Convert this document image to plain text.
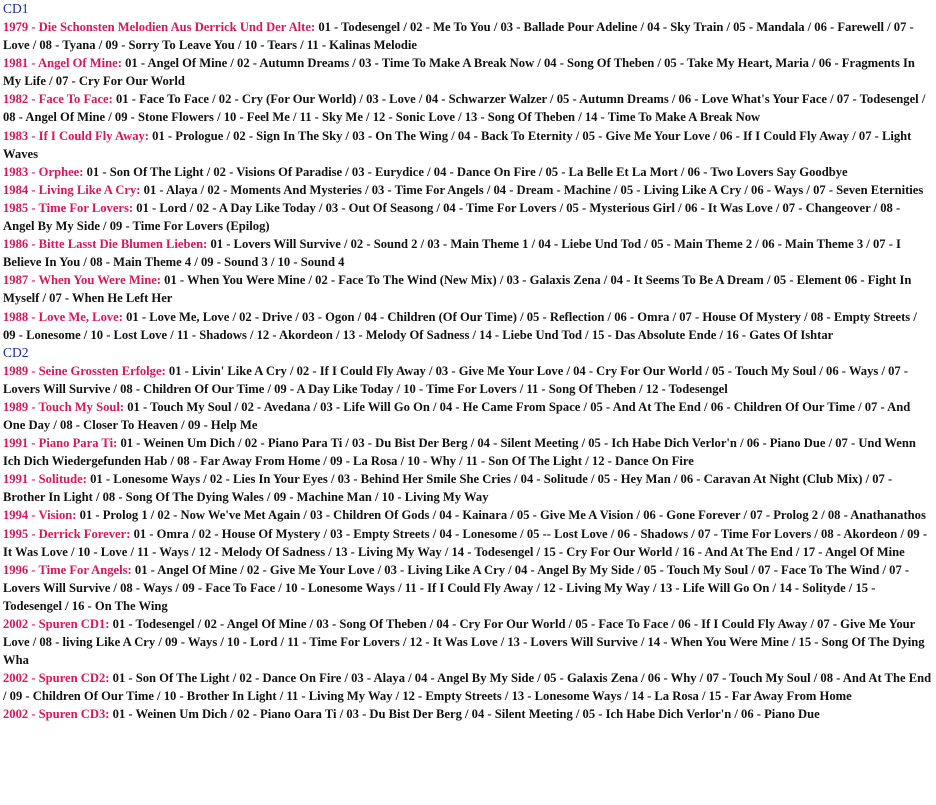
CD1
1979 - Die Schonsten Melodien Aus Derrick Und Der Alte: 01 - Todesengel / 02 - Me To You / 03 - Ballade Pour Adeline / 04 - Sky Train / 05 - Mandala / 06 - Farewell / 07 - Love / 08 - Tyana / 09 - Sorry To Leave You / 10 - Tears / 11 - Kalinas Melodie
1981 - Angel Of Mine: 01 - Angel Of Mine / 02 - Autumn Dreams / 03 - Time To Make A Break Now / 04 - Song Of Theben / 05 - Take My Heart, Maria / 06 - Fragments In My Life / 07 - Cry For Our World
1982 - Face To Face: 01 - Face To Face / 02 - Cry (For Our World) / 03 - Love / 04 - Schwarzer Walzer / 05 - Autumn Dreams / 06 - Love What's Your Face / 07 - Todesengel / 08 - Angel Of Mine / 09 - Stone Flowers / 10 - Feel Me / 11 - Sky Me / 12 - Sonic Love / 13 - Song Of Theben / 14 - Time To Make A Break Now
1983 - If I Could Fly Away: 01 - Prologue / 02 - Sign In The Sky / 03 - On The Wing / 04 - Back To Eternity / 05 - Give Me Your Love / 06 - If I Could Fly Away / 07 - Light Waves
1983 - Orphee: 01 - Son Of The Light / 02 - Visions Of Paradise / 03 - Eurydice / 04 - Dance On Fire / 05 - La Belle Et La Mort / 06 - Two Lovers Say Goodbye
1984 - Living Like A Cry: 01 - Alaya / 02 - Moments And Mysteries / 03 - Time For Angels / 04 - Dream - Machine / 05 - Living Like A Cry / 06 - Ways / 07 - Seven Eternities
1985 - Time For Lovers: 01 - Lord / 02 - A Day Like Today / 03 - Out Of Seasong / 04 - Time For Lovers / 05 - Mysterious Girl / 06 - It Was Love / 07 - Changeover / 08 - Angel By My Side / 09 - Time For Lovers (Epilog)
1986 - Bitte Lasst Die Blumen Lieben: 01 - Lovers Will Survive / 02 - Sound 2 / 03 - Main Theme 1 / 04 - Liebe Und Tod / 05 - Main Theme 2 / 06 - Main Theme 3 / 07 - I Believe In You / 08 - Main Theme 4 / 09 - Sound 3 / 10 - Sound 4
1987 - When You Were Mine: 01 - When You Were Mine / 02 - Face To The Wind (New Mix) / 03 - Galaxis Zena / 04 - It Seems To Be A Dream / 05 - Element 06 - Fight In Myself / 07 - When He Left Her
1988 - Love Me, Love: 01 - Love Me, Love / 02 - Drive / 03 - Ogon / 04 - Children (Of Our Time) / 05 - Reflection / 06 - Omra / 07 - House Of Mystery / 08 - Empty Streets / 09 - Lonesome / 10 - Lost Love / 11 - Shadows / 12 - Akordeon / 13 - Melody Of Sadness / 14 - Liebe Und Tod / 15 - Das Absolute Ende / 16 - Gates Of Ishtar
CD2
1989 - Seine Grossten Erfolge: 01 - Livin' Like A Cry / 02 - If I Could Fly Away / 03 - Give Me Your Love / 04 - Cry For Our World / 05 - Touch My Soul / 06 - Ways / 07 - Lovers Will Survive / 08 - Children Of Our Time / 09 - A Day Like Today / 10 - Time For Lovers / 11 - Song Of Theben / 12 - Todesengel
1989 - Touch My Soul: 01 - Touch My Soul / 02 - Avedana / 03 - Life Will Go On / 04 - He Came From Space / 05 - And At The End / 06 - Children Of Our Time / 07 - And One Day / 08 - Closer To Heaven / 09 - Help Me
1991 - Piano Para Ti: 01 - Weinen Um Dich / 02 - Piano Para Ti / 03 - Du Bist Der Berg / 04 - Silent Meeting / 05 - Ich Habe Dich Verlor'n / 06 - Piano Due / 07 - Und Wenn Ich Dich Wiedergefunden Hab / 08 - Far Away From Home / 09 - La Rosa / 10 - Why / 11 - Son Of The Light / 12 - Dance On Fire
1991 - Solitude: 01 - Lonesome Ways / 02 - Lies In Your Eyes / 03 - Behind Her Smile She Cries / 04 - Solitude / 05 - Hey Man / 06 - Caravan At Night (Club Mix) / 07 - Brother In Light / 08 - Song Of The Dying Wales / 09 - Machine Man / 10 - Living My Way
1994 - Vision: 01 - Prolog 1 / 02 - Now We've Met Again / 03 - Children Of Gods / 04 - Kainara / 05 - Give Me A Vision / 06 - Gone Forever / 07 - Prolog 2 / 08 - Anathanathos
1995 - Derrick Forever: 01 - Omra / 02 - House Of Mystery / 03 - Empty Streets / 04 - Lonesome / 05 -- Lost Love / 06 - Shadows / 07 - Time For Lovers / 08 - Akordeon / 09 - It Was Love / 10 - Love / 11 - Ways / 12 - Melody Of Sadness / 13 - Living My Way / 14 - Todesengel / 15 - Cry For Our World / 16 - And At The End / 17 - Angel Of Mine
1996 - Time For Angels: 01 - Angel Of Mine / 02 - Give Me Your Love / 03 - Living Like A Cry / 04 - Angel By My Side / 05 - Touch My Soul / 07 - Face To The Wind / 07 - Lovers Will Survive / 08 - Ways / 09 - Face To Face / 10 - Lonesome Ways / 11 - If I Could Fly Away / 12 - Living My Way / 13 - Life Will Go On / 14 - Solityde / 15 - Todesengel / 16 - On The Wing
2002 - Spuren CD1: 01 - Todesengel / 02 - Angel Of Mine / 03 - Song Of Theben / 04 - Cry For Our World / 05 - Face To Face / 06 - If I Could Fly Away / 07 - Give Me Your Love / 08 - living Like A Cry / 09 - Ways / 10 - Lord / 11 - Time For Lovers / 12 - It Was Love / 13 - Lovers Will Survive / 14 - When You Were Mine / 15 - Song Of The Dying Wha
2002 - Spuren CD2: 01 - Son Of The Light / 02 - Dance On Fire / 03 - Alaya / 04 - Angel By My Side / 05 - Galaxis Zena / 06 - Why / 07 - Touch My Soul / 08 - And At The End / 09 - Children Of Our Time / 10 - Brother In Light / 11 - Living My Way / 12 - Empty Streets / 13 - Lonesome Ways / 14 - La Rosa / 15 - Far Away From Home
2002 - Spuren CD3: 01 - Weinen Um Dich / 02 - Piano Oara Ti / 03 - Du Bist Der Berg / 04 - Silent Meeting / 05 - Ich Habe Dich Verlor'n / 06 - Piano Due
